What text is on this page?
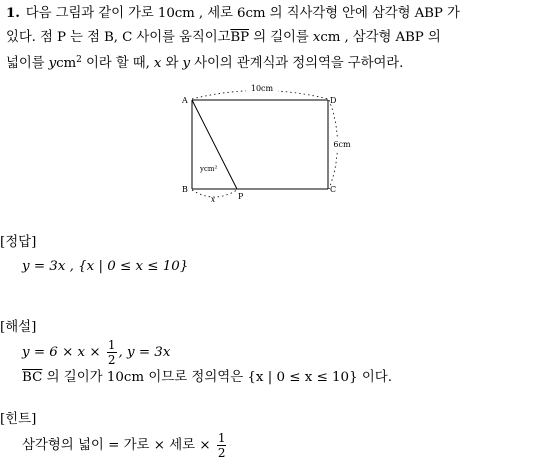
1. 다음 그림과 같이 가로 10cm , 세로 6cm 의 직사각형 안에 삼각형 ABP 가
있다. 점 P 는 점 B, C 사이를 움직이고$\overline{BP}$ 의 길이를 xcm , 삼각형 ABP 의
넓이를 ycm$^2$ 이라 할 때, x 와 y 사이의 관계식과 정의역을 구하여라.
10cm
6cm
x
ycm²
A	D
B	C
P
[정답]
y = 3x , {x | 0 ≤ x ≤ 10}
[해설]
$y = 6 \times x \times \frac{1}{2}$ , y = 3x
$\overline{BC}$ 의 길이가 10cm 이므로 정의역은 {x | 0 ≤ x ≤ 10} 이다.
[힌트]
삼각형의 넓이 = 가로 × 세로 × $\frac{1}{2}$
